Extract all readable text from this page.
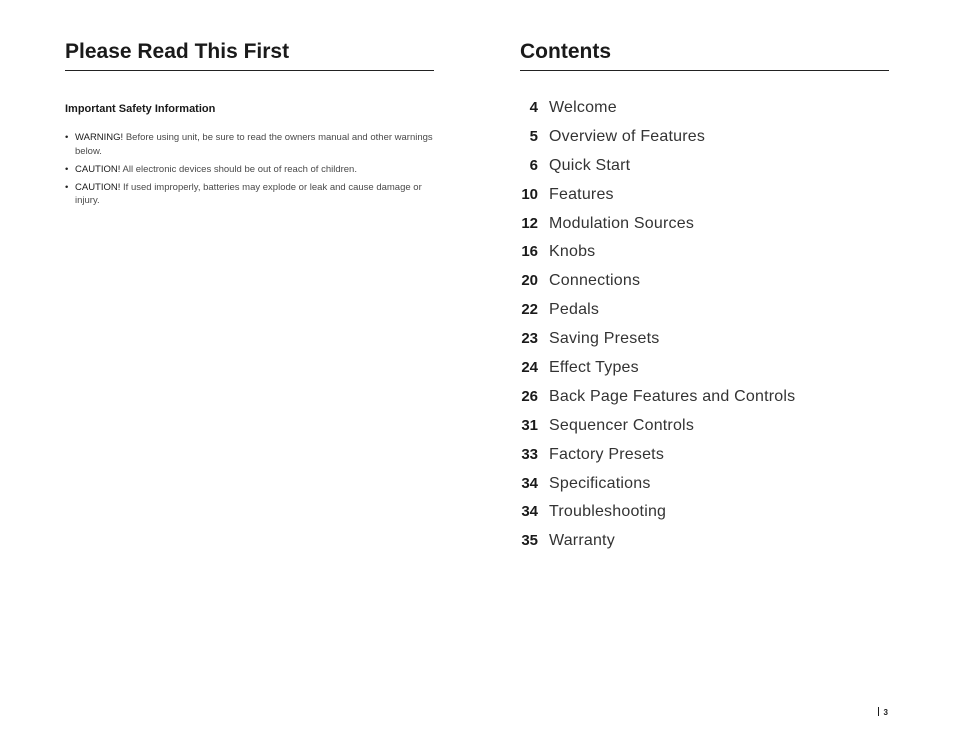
Please Read This First
Important Safety Information
• WARNING! Before using unit, be sure to read the owners manual and other warnings below.
• CAUTION! All electronic devices should be out of reach of children.
• CAUTION! If used improperly, batteries may explode or leak and cause damage or injury.
Contents
4 Welcome
5 Overview of Features
6 Quick Start
10 Features
12 Modulation Sources
16 Knobs
20 Connections
22 Pedals
23 Saving Presets
24 Effect Types
26 Back Page Features and Controls
31 Sequencer Controls
33 Factory Presets
34 Specifications
34 Troubleshooting
35 Warranty
3
